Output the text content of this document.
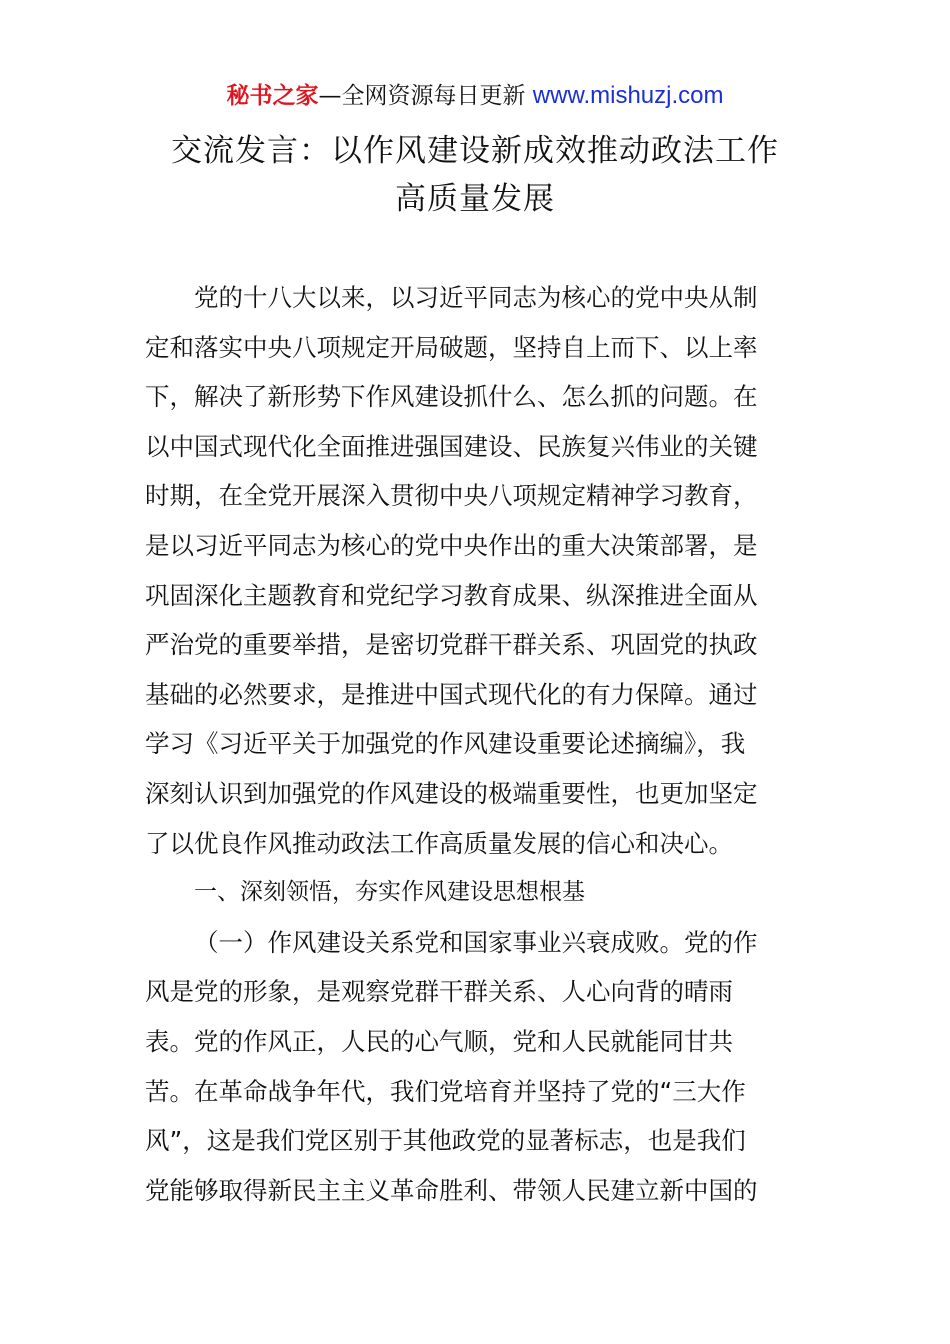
秘书之家—全网资源每日更新 www.mishuzj.com
交流发言：以作风建设新成效推动政法工作
高质量发展
党的十八大以来，以习近平同志为核心的党中央从制
定和落实中央八项规定开局破题，坚持自上而下、以上率
下，解决了新形势下作风建设抓什么、怎么抓的问题。在
以中国式现代化全面推进强国建设、民族复兴伟业的关键
时期，在全党开展深入贯彻中央八项规定精神学习教育，
是以习近平同志为核心的党中央作出的重大决策部署，是
巩固深化主题教育和党纪学习教育成果、纵深推进全面从
严治党的重要举措，是密切党群干群关系、巩固党的执政
基础的必然要求，是推进中国式现代化的有力保障。通过
学习《习近平关于加强党的作风建设重要论述摘编》，我
深刻认识到加强党的作风建设的极端重要性，也更加坚定
了以优良作风推动政法工作高质量发展的信心和决心。
一、深刻领悟，夯实作风建设思想根基
（一）作风建设关系党和国家事业兴衰成败。党的作
风是党的形象，是观察党群干群关系、人心向背的晴雨
表。党的作风正，人民的心气顺，党和人民就能同甘共
苦。在革命战争年代，我们党培育并坚持了党的“三大作
风”，这是我们党区别于其他政党的显著标志，也是我们
党能够取得新民主主义革命胜利、带领人民建立新中国的
